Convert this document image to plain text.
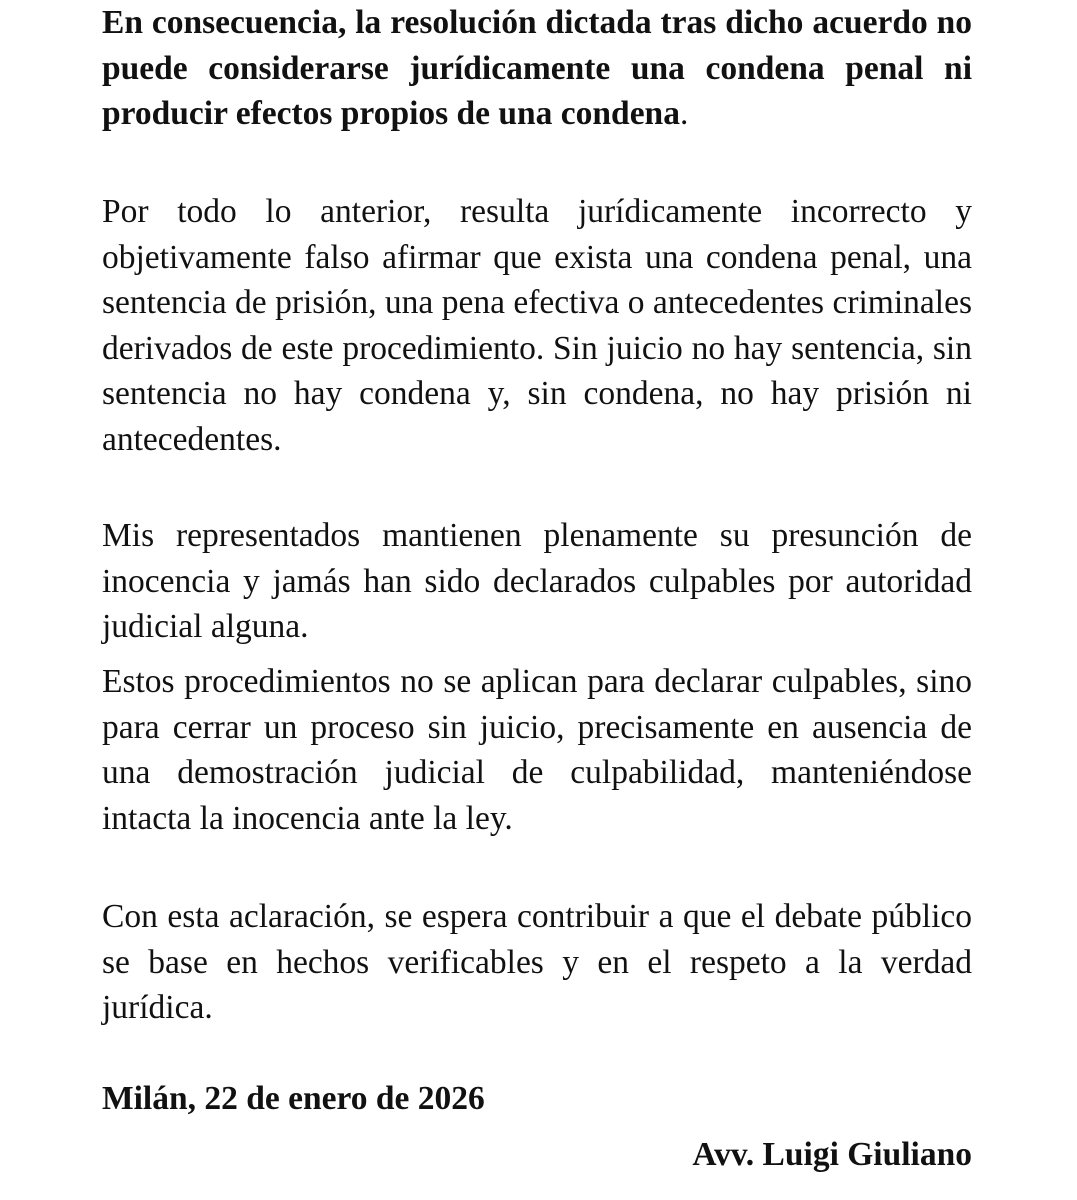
En consecuencia, la resolución dictada tras dicho acuerdo no puede considerarse jurídicamente una condena penal ni producir efectos propios de una condena.

Por todo lo anterior, resulta jurídicamente incorrecto y objetivamente falso afirmar que exista una condena penal, una sentencia de prisión, una pena efectiva o antecedentes criminales derivados de este procedimiento. Sin juicio no hay sentencia, sin sentencia no hay condena y, sin condena, no hay prisión ni antecedentes.

Mis representados mantienen plenamente su presunción de inocencia y jamás han sido declarados culpables por autoridad judicial alguna.

Estos procedimientos no se aplican para declarar culpables, sino para cerrar un proceso sin juicio, precisamente en ausencia de una demostración judicial de culpabilidad, manteniéndose intacta la inocencia ante la ley.

Con esta aclaración, se espera contribuir a que el debate público se base en hechos verificables y en el respeto a la verdad jurídica.

Milán, 22 de enero de 2026

Avv. Luigi Giuliano
